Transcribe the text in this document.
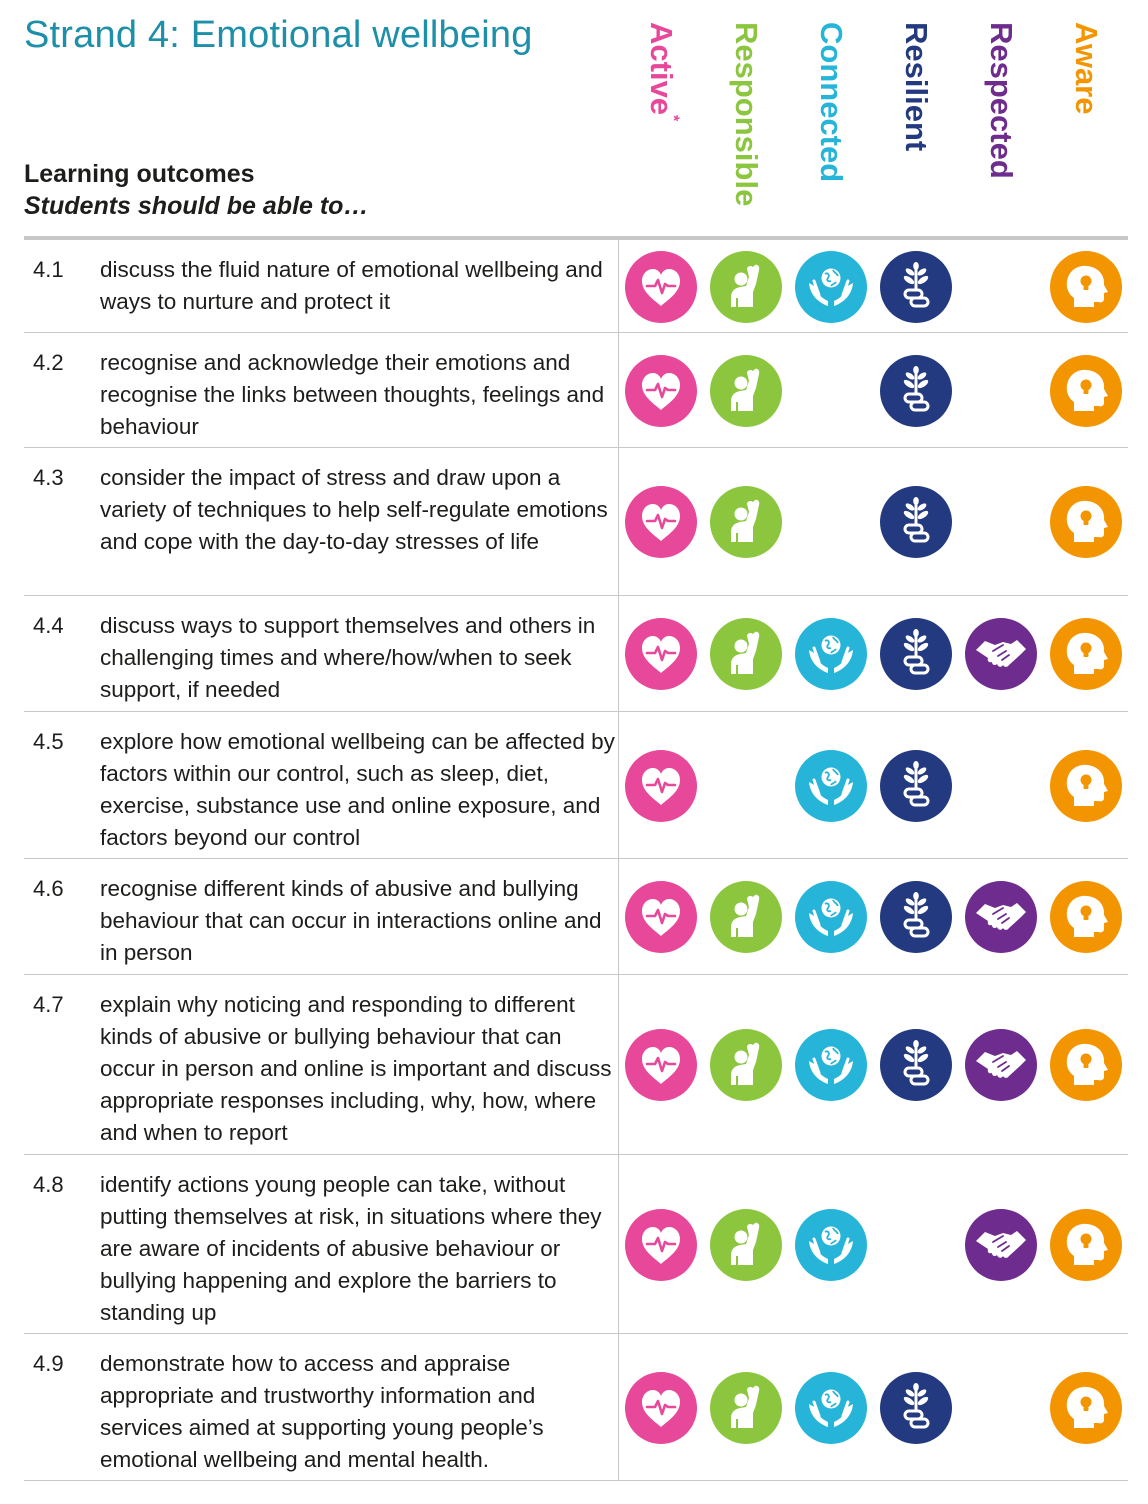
Strand 4: Emotional wellbeing
Learning outcomes
Students should be able to…
Active*	Responsible Connected Resilient Respected Aware
4.1 discuss the fluid nature of emotional wellbeing and ways to nurture and protect it
4.2 recognise and acknowledge their emotions and recognise the links between thoughts, feelings and behaviour
4.3 consider the impact of stress and draw upon a variety of techniques to help self-regulate emotions and cope with the day-to-day stresses of life
4.4 discuss ways to support themselves and others in challenging times and where/how/when to seek support, if needed
4.5 explore how emotional wellbeing can be affected by factors within our control, such as sleep, diet, exercise, substance use and online exposure, and factors beyond our control
4.6 recognise different kinds of abusive and bullying behaviour that can occur in interactions online and in person
4.7 explain why noticing and responding to different kinds of abusive or bullying behaviour that can occur in person and online is important and discuss appropriate responses including, why, how, where and when to report
4.8 identify actions young people can take, without putting themselves at risk, in situations where they are aware of incidents of abusive behaviour or bullying happening and explore the barriers to standing up
4.9 demonstrate how to access and appraise appropriate and trustworthy information and services aimed at supporting young people’s emotional wellbeing and mental health.
